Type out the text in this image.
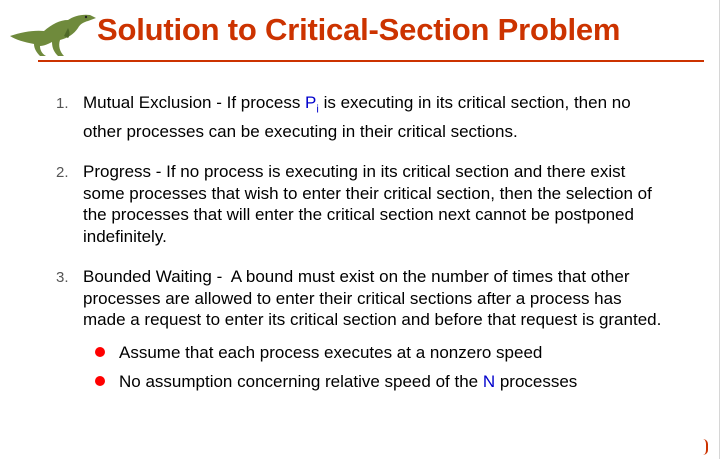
Solution to Critical-Section Problem
1. Mutual Exclusion - If process $P_i$ is executing in its critical section, then no other processes can be executing in their critical sections.
2. Progress - If no process is executing in its critical section and there exist some processes that wish to enter their critical section, then the selection of the processes that will enter the critical section next cannot be postponed indefinitely.
3. Bounded Waiting -  A bound must exist on the number of times that other processes are allowed to enter their critical sections after a process has made a request to enter its critical section and before that request is granted.
Assume that each process executes at a nonzero speed
No assumption concerning relative speed of the N processes
